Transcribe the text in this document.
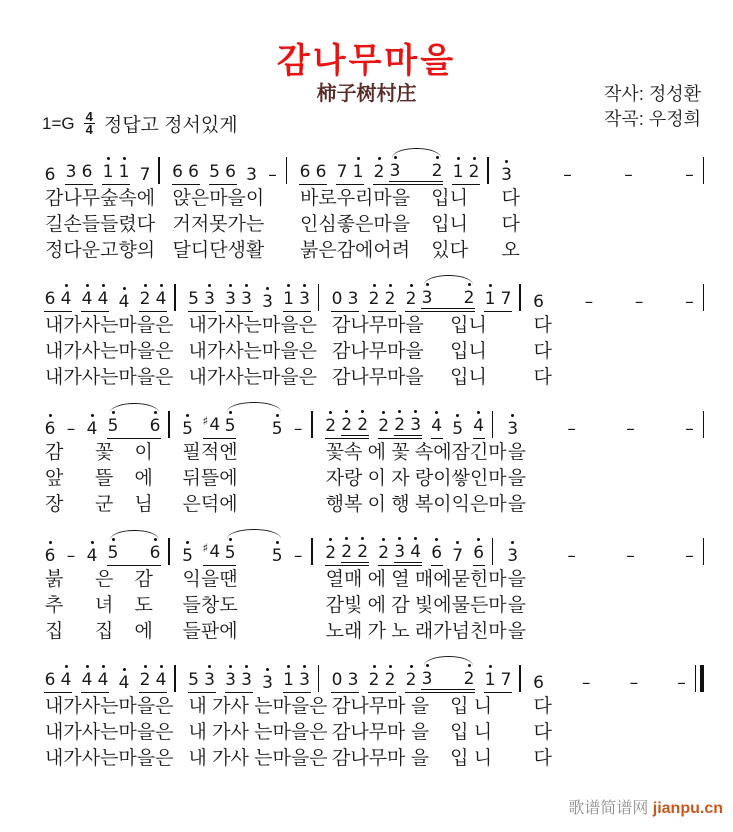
감나무마을
柿子树村庄	작사: 정성환
작곡: 우정희
$1=G \frac{4}{4}$ 정답고 정서있게
6 3 6 1 1 7 6 6 5 6 3 – 6 6 7 1 2 3 2 1 2 3	–	–	–
감나무숲속에 앉은마을이	바로우리마을    입니	다
길손들들렸다 거저못가는	인심좋은마을    입니	다
정다운고향의 달디단생활	붉은감에어려    있다	오
6 4 4 4 4 2 4 5 3 3 3 3 1 3 0 3 2 2 2 3 2 1 7 6 – – –
내가사는마을은 내가사는마을은 감나무마을     입니	다
내가사는마을은 내가사는마을은 감나무마을     입니	다
내가사는마을은 내가사는마을은 감나무마을     입니	다
6 – 4 5 6 5 ♯4 5 5 – 2 2 2 2 2 3 4 5 4 3	–	–	–
감      꽃    이	필적엔	꽃속 에 꽃 속에잠긴마 을
앞      뜰    에	뒤뜰에	자랑 이 자 랑이쌓인마 을
장      군    님	은덕에	행복 이 행 복이익은마 을
6 – 4 5 6 5 ♯4 5 5 – 2 2 2 2 3 4 6 7 6 3	–	–	–
붉      은    감	익을땐	열매 에 열 매에묻힌마 을
추      녀    도	들창도	감빛 에 감 빛에물든마 을
집      집    에	들판에	노래 가 노 래가넘친마 을
6 4 4 4 4 2 4 5 3 3 3 3 1 3 0 3 2 2 2 3 2 1 7 6 – – –
내가사는마을은 내 가사 는마을은 감나무마 을    입 니	다
내가사는마을은 내 가사 는마을은 감나무마 을    입 니	다
내가사는마을은 내 가사 는마을은 감나무마 을    입 니	다
歌谱简谱网 jianpu.cn
